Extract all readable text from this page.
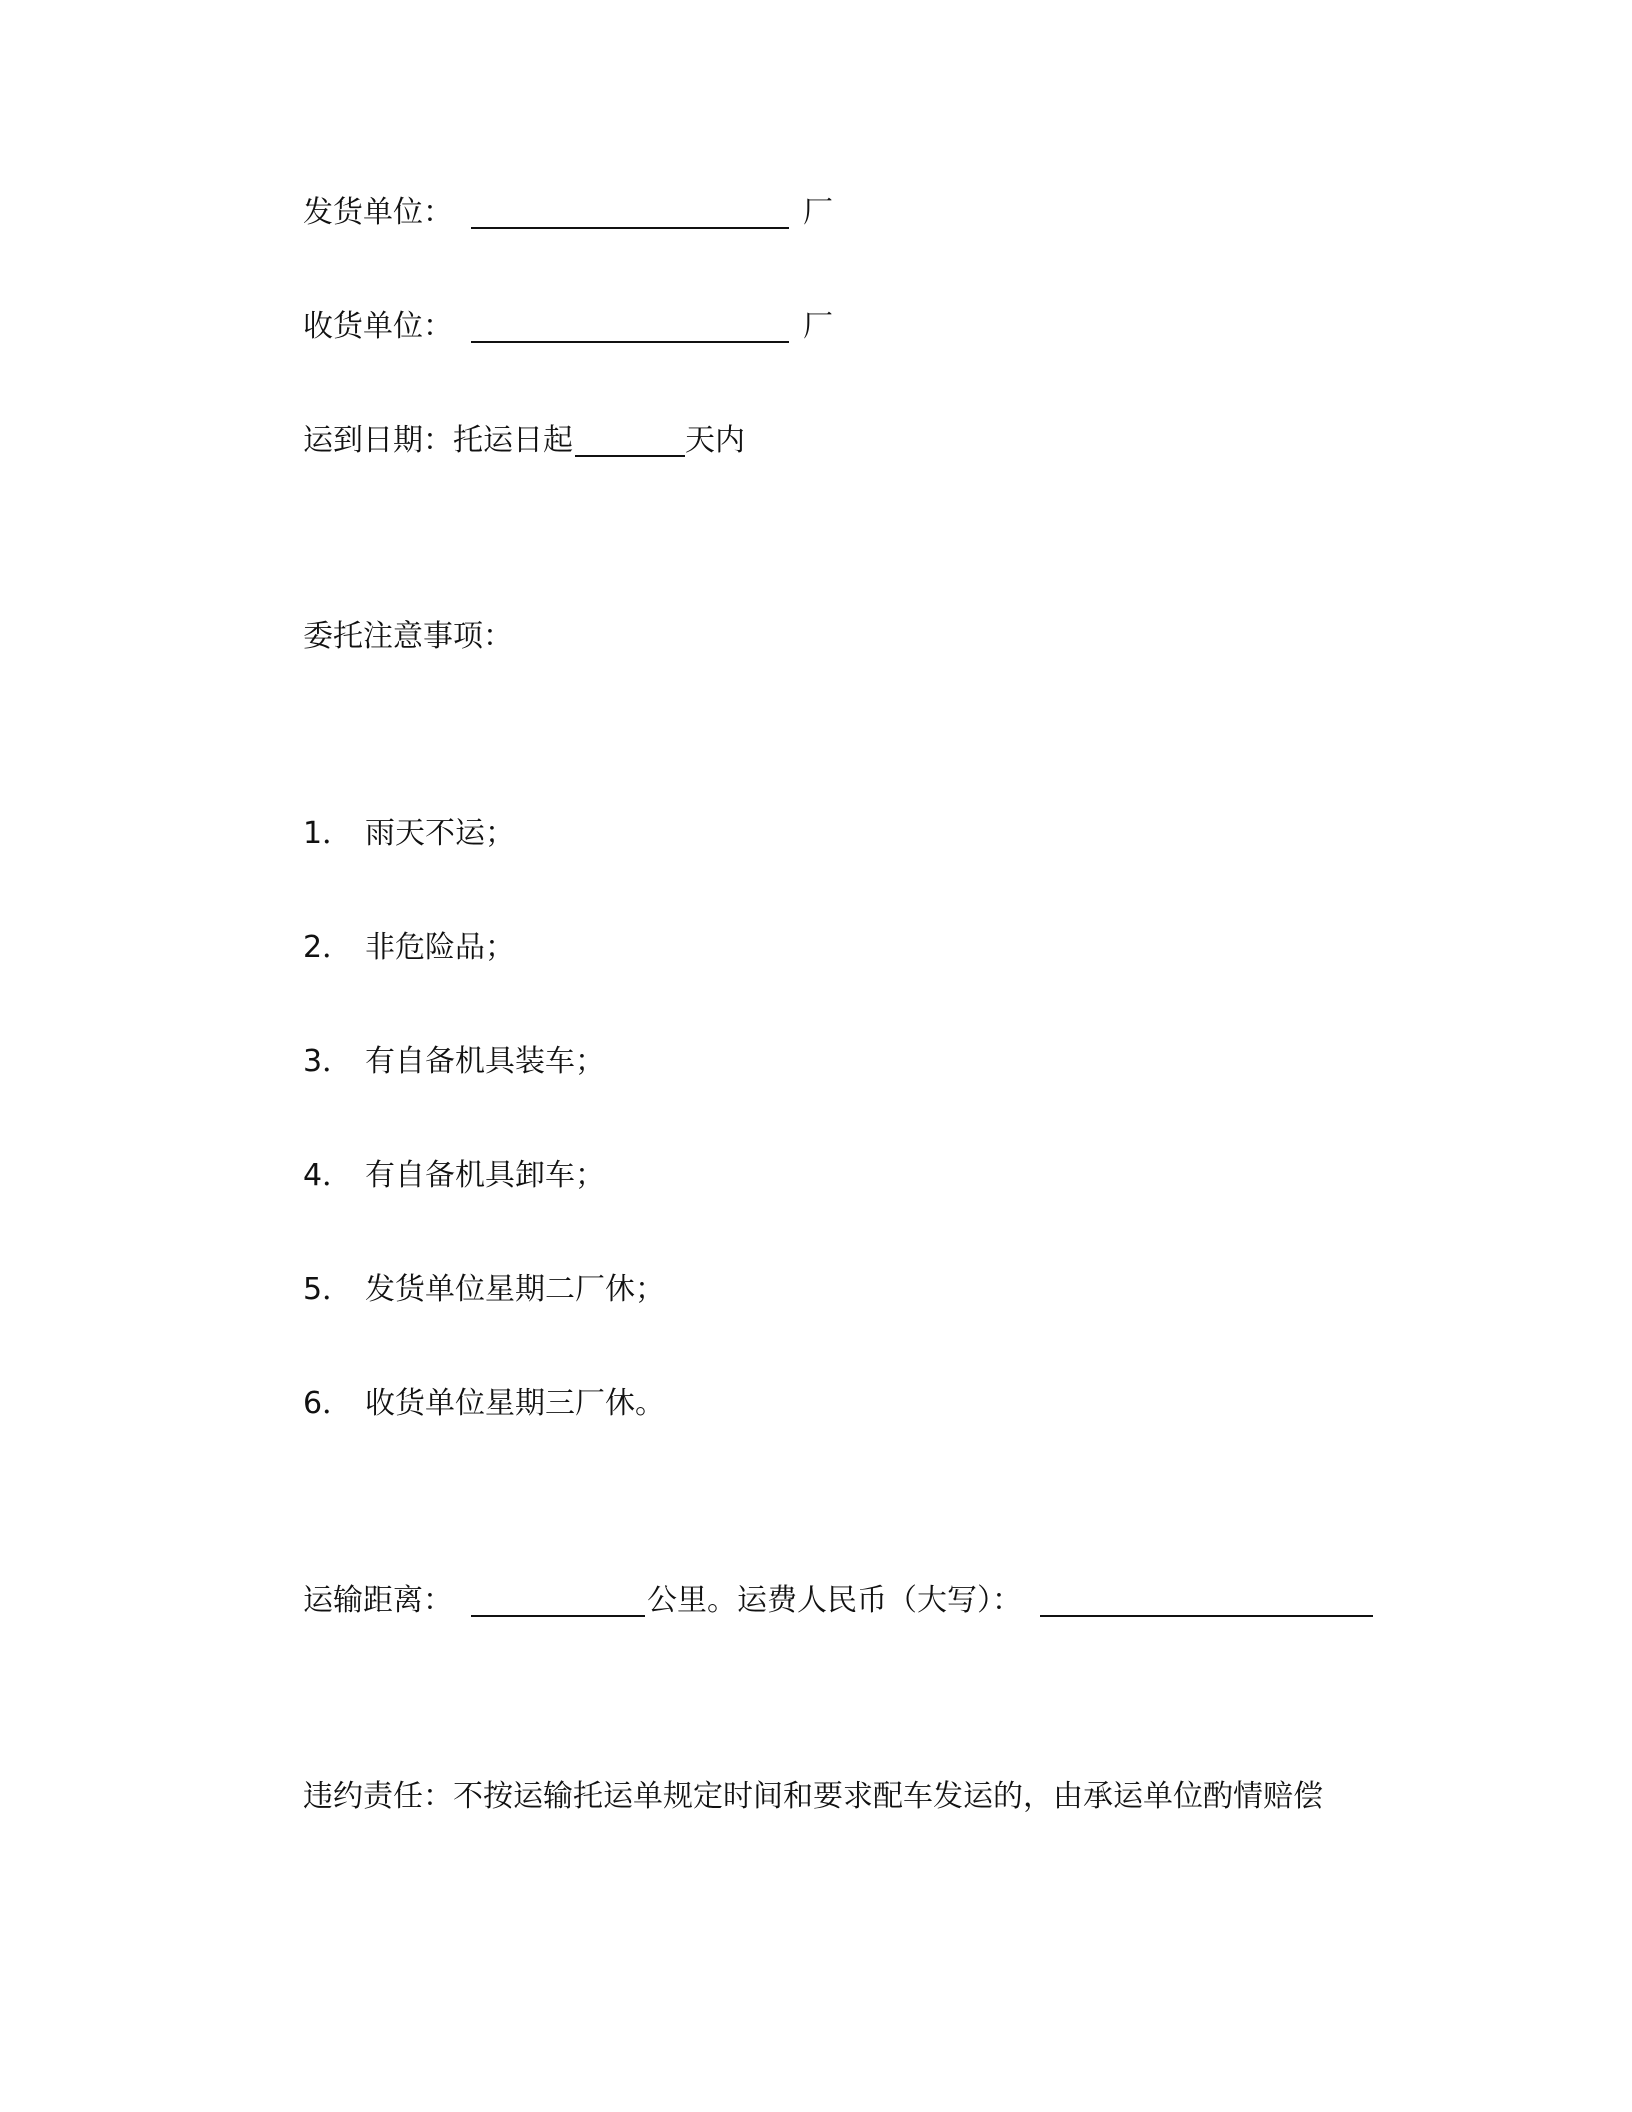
发货单位：	厂
收货单位：	厂
运到日期：托运日起	天内
委托注意事项：
1． 雨天不运；
2． 非危险品；
3． 有自备机具装车；
4． 有自备机具卸车；
5． 发货单位星期二厂休；
6． 收货单位星期三厂休。
运输距离：	公里。运费人民币（大写）：
违约责任：不按运输托运单规定时间和要求配车发运的，由承运单位酌情赔偿
